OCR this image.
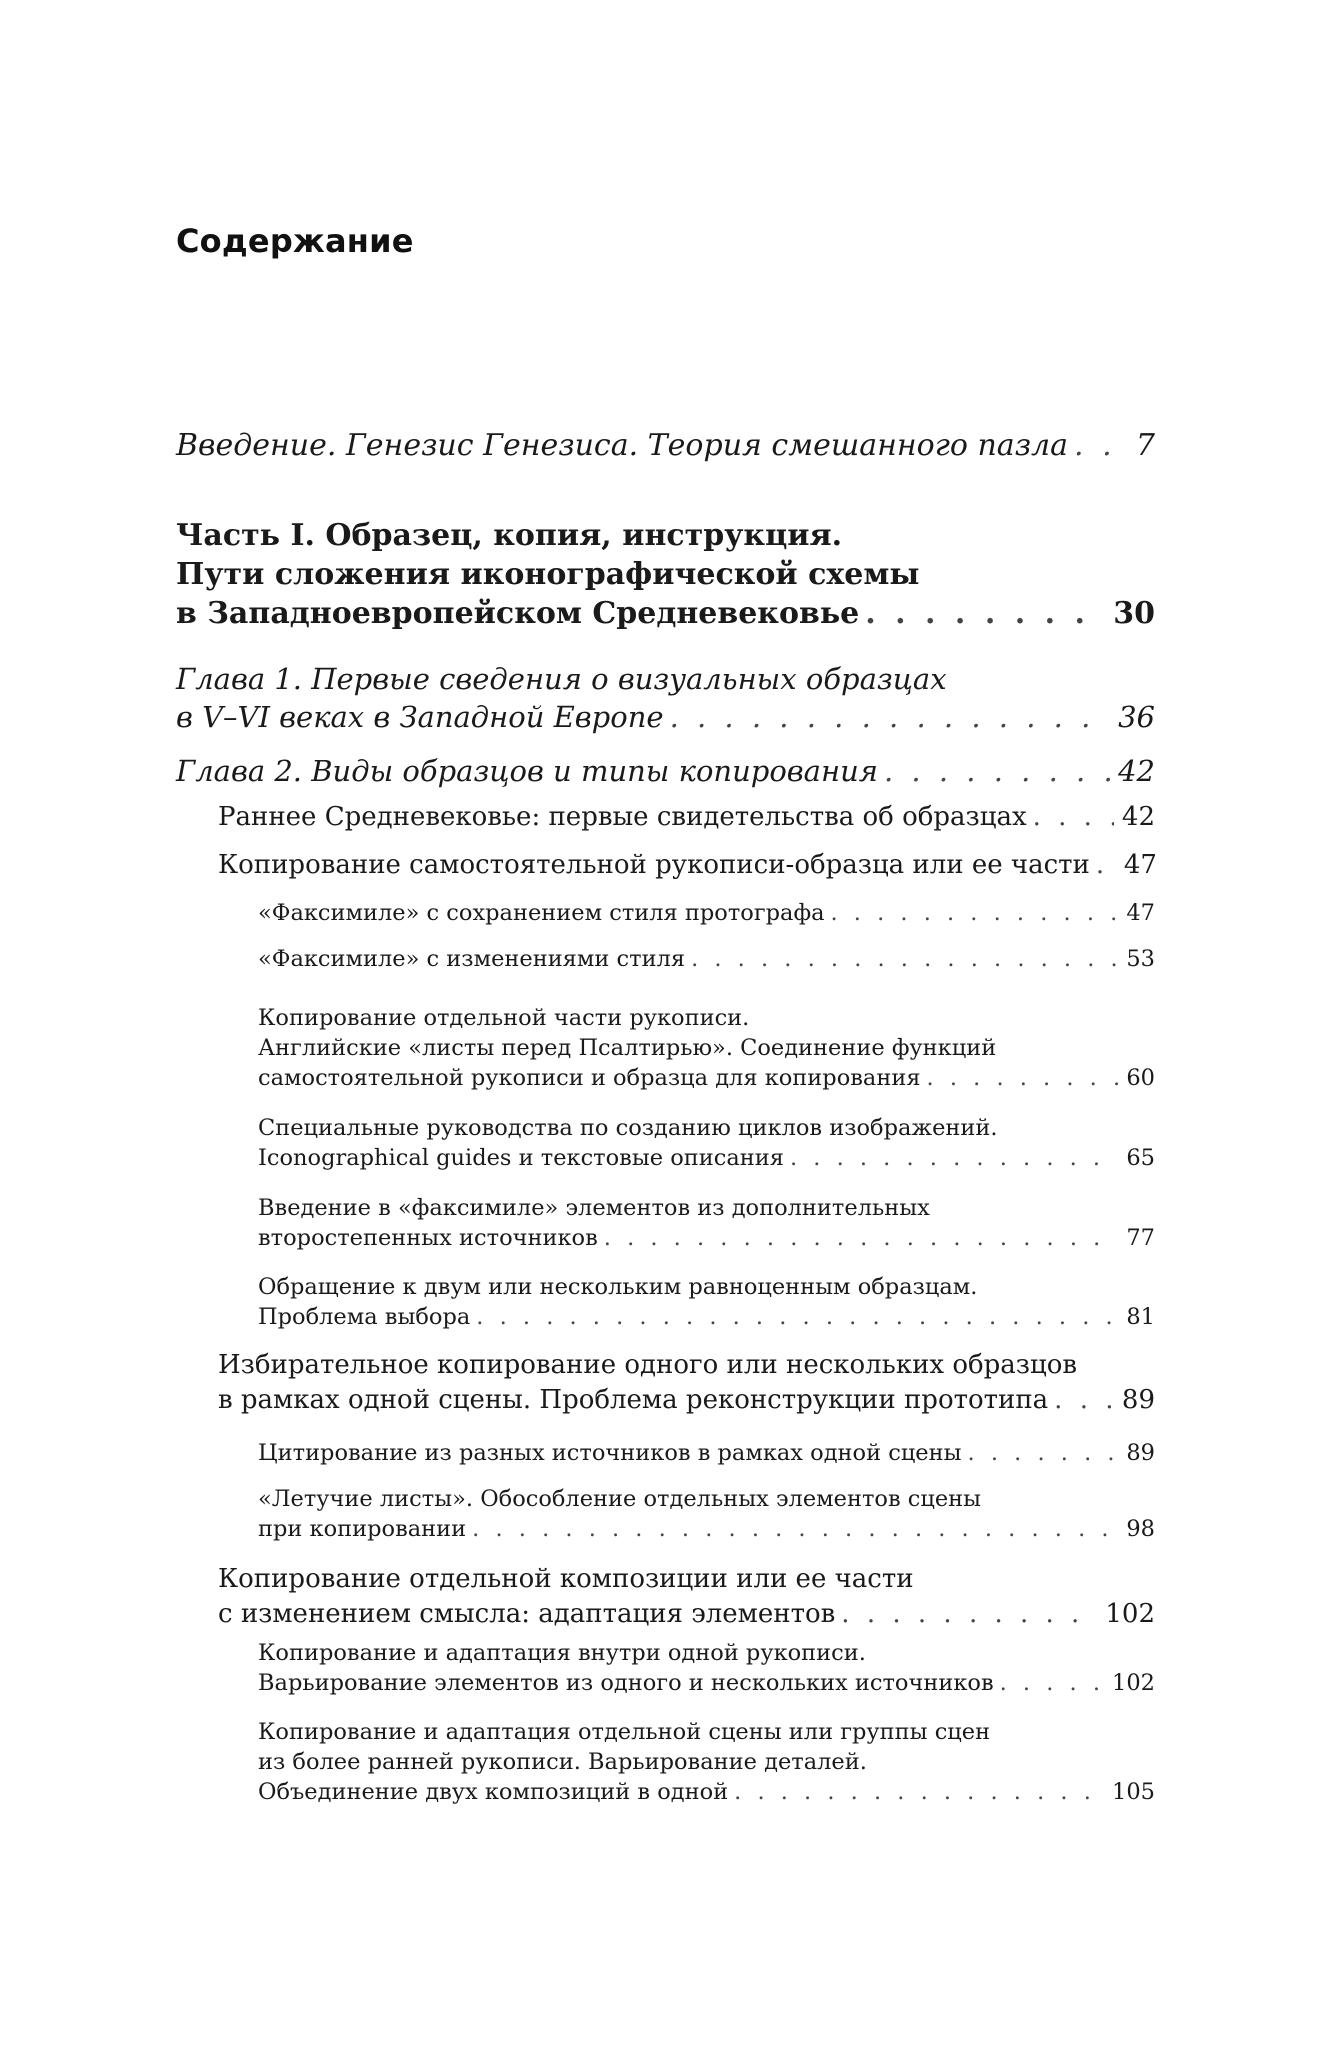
Содержание
Введение. Генезис Генезиса. Теория смешанного пазла . . . 7
Часть I. Образец, копия, инструкция.
Пути сложения иконографической схемы
в Западноевропейском Средневековье . . .	30
Глава 1. Первые сведения о визуальных образцах
в V–VI веках в Западной Европе . . .	36
Глава 2. Виды образцов и типы копирования . . .	42
Раннее Средневековье: первые свидетельства об образцах . . .	42
Копирование самостоятельной рукописи-образца или ее части . . .	47
«Факсимиле» с сохранением стиля протографа . . .	47
«Факсимиле» с изменениями стиля . . .	53
Копирование отдельной части рукописи.
Английские «листы перед Псалтирью». Соединение функций
самостоятельной рукописи и образца для копирования . . .	60
Специальные руководства по созданию циклов изображений.
Iconographical guides и текстовые описания . . .	65
Введение в «факсимиле» элементов из дополнительных
второстепенных источников . . .	77
Обращение к двум или нескольким равноценным образцам.
Проблема выбора . . .	81
Избирательное копирование одного или нескольких образцов
в рамках одной сцены. Проблема реконструкции прототипа . . .	89
Цитирование из разных источников в рамках одной сцены . . .	89
«Летучие листы». Обособление отдельных элементов сцены
при копировании . . .	98
Копирование отдельной композиции или ее части
с изменением смысла: адаптация элементов . . .	102
Копирование и адаптация внутри одной рукописи.
Варьирование элементов из одного и нескольких источников . . .	102
Копирование и адаптация отдельной сцены или группы сцен
из более ранней рукописи. Варьирование деталей.
Объединение двух композиций в одной . . .	105
